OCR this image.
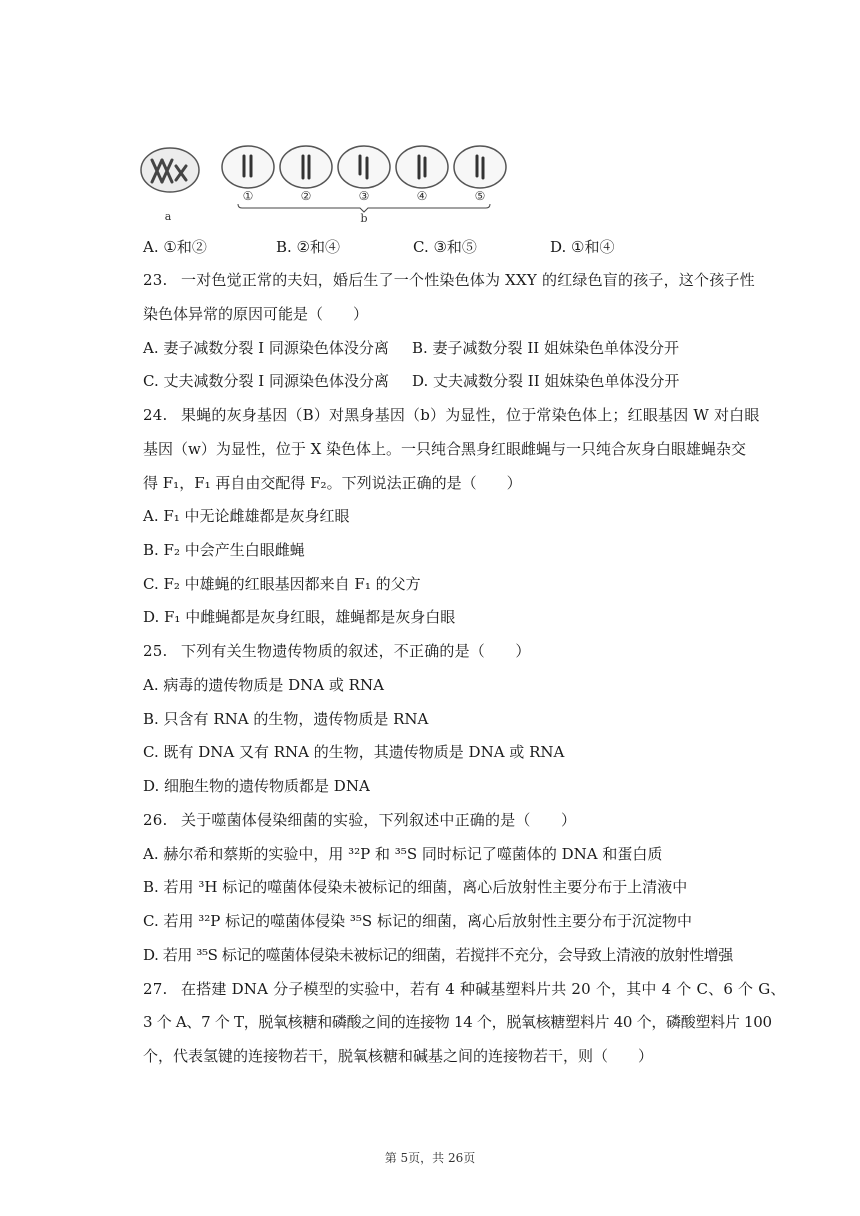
a
①	②	③	④	⑤
b
A. ①和②	B. ②和④	C. ③和⑤	D. ①和④
23. 一对色觉正常的夫妇，婚后生了一个性染色体为 XXY 的红绿色盲的孩子，这个孩子性
染色体异常的原因可能是（　　）
A. 妻子减数分裂 I 同源染色体没分离	B. 妻子减数分裂 II 姐妹染色单体没分开
C. 丈夫减数分裂 I 同源染色体没分离	D. 丈夫减数分裂 II 姐妹染色单体没分开
24. 果蝇的灰身基因（B）对黑身基因（b）为显性，位于常染色体上；红眼基因 W 对白眼
基因（w）为显性，位于 X 染色体上。一只纯合黑身红眼雌蝇与一只纯合灰身白眼雄蝇杂交
得 F₁，F₁ 再自由交配得 F₂。下列说法正确的是（　　）
A. F₁ 中无论雌雄都是灰身红眼
B. F₂ 中会产生白眼雌蝇
C. F₂ 中雄蝇的红眼基因都来自 F₁ 的父方
D. F₁ 中雌蝇都是灰身红眼，雄蝇都是灰身白眼
25. 下列有关生物遗传物质的叙述，不正确的是（　　）
A. 病毒的遗传物质是 DNA 或 RNA
B. 只含有 RNA 的生物，遗传物质是 RNA
C. 既有 DNA 又有 RNA 的生物，其遗传物质是 DNA 或 RNA
D. 细胞生物的遗传物质都是 DNA
26. 关于噬菌体侵染细菌的实验，下列叙述中正确的是（　　）
A. 赫尔希和蔡斯的实验中，用 ³²P 和 ³⁵S 同时标记了噬菌体的 DNA 和蛋白质
B. 若用 ³H 标记的噬菌体侵染未被标记的细菌，离心后放射性主要分布于上清液中
C. 若用 ³²P 标记的噬菌体侵染 ³⁵S 标记的细菌，离心后放射性主要分布于沉淀物中
D. 若用 ³⁵S 标记的噬菌体侵染未被标记的细菌，若搅拌不充分，会导致上清液的放射性增强
27. 在搭建 DNA 分子模型的实验中，若有 4 种碱基塑料片共 20 个，其中 4 个 C、6 个 G、
3 个 A、7 个 T，脱氧核糖和磷酸之间的连接物 14 个，脱氧核糖塑料片 40 个，磷酸塑料片 100
个，代表氢键的连接物若干，脱氧核糖和碱基之间的连接物若干，则（　　）
第 5页，共 26页
